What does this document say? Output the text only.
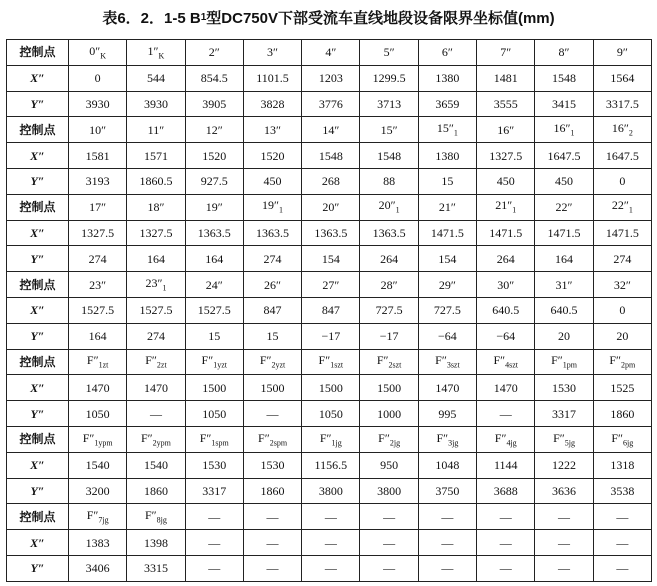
表6．2．1-5 B 1 型DC750V下部受流车直线地段设备限界坐标值(mm)
控制点	$0''_K$	$1''_K$	2″	3″	4″	5″	6″	7″	8″	9″
X″	0	544	854.5	1101.5	1203	1299.5	1380	1481	1548	1564
Y″	3930	3930	3905	3828	3776	3713	3659	3555	3415	3317.5
控制点	10″	11″	12″	13″	14″	15″	$15''_1$	16″	$16''_1$	$16''_2$
X″	1581	1571	1520	1520	1548	1548	1380	1327.5	1647.5	1647.5
Y″	3193	1860.5	927.5	450	268	88	15	450	450	0
控制点	17″	18″	19″	$19''_1$	20″	$20''_1$	21″	$21''_1$	22″	$22''_1$
X″	1327.5	1327.5	1363.5	1363.5	1363.5	1363.5	1471.5	1471.5	1471.5	1471.5
Y″	274	164	164	274	154	264	154	264	164	274
控制点	23″	$23''_1$	24″	26″	27″	28″	29″	30″	31″	32″
X″	1527.5	1527.5	1527.5	847	847	727.5	727.5	640.5	640.5	0
Y″	164	274	15	15	−17	−17	−64	−64	20	20
控制点	$F''_{1zt}$	$F''_{2zt}$	$F''_{1yzt}$	$F''_{2yzt}$	$F''_{1szt}$	$F''_{2szt}$	$F''_{3szt}$	$F''_{4szt}$	$F''_{1pm}$	$F''_{2pm}$
X″	1470	1470	1500	1500	1500	1500	1470	1470	1530	1525
Y″	1050	—	1050	—	1050	1000	995	—	3317	1860
控制点	$F''_{1ypm}$	$F''_{2ypm}$	$F''_{1spm}$	$F''_{2spm}$	$F''_{1jg}$	$F''_{2jg}$	$F''_{3jg}$	$F''_{4jg}$	$F''_{5jg}$	$F''_{6jg}$
X″	1540	1540	1530	1530	1156.5	950	1048	1144	1222	1318
Y″	3200	1860	3317	1860	3800	3800	3750	3688	3636	3538
控制点	$F''_{7jg}$	$F''_{8jg}$	—	—	—	—	—	—	—	—
X″	1383	1398	—	—	—	—	—	—	—	—
Y″	3406	3315	—	—	—	—	—	—	—	—
